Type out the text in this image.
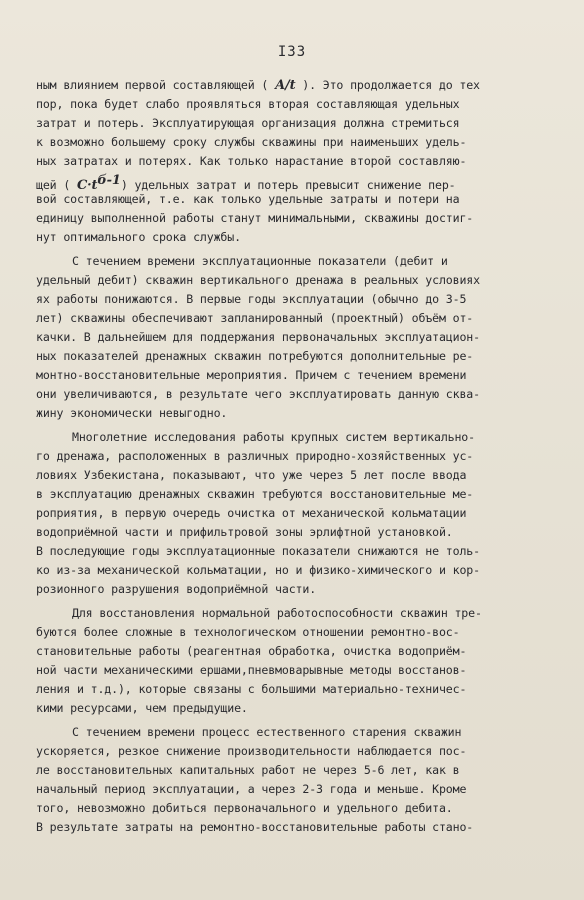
I33
ным влиянием первой составляющей ( A/t ). Это продолжается до тех
пор, пока будет слабо проявляться вторая составляющая удельных
затрат и потерь. Эксплуатирующая организация должна стремиться
к возможно большему сроку службы скважины при наименьших удель-
ных затратах и потерях. Как только нарастание второй составляю-
щей ( $C\cdot t^{б-1}$) удельных затрат и потерь превысит снижение пер-
вой составляющей, т.е. как только удельные затраты и потери на
единицу выполненной работы станут минимальными, скважины достиг-
нут оптимального срока службы.
С течением времени эксплуатационные показатели (дебит и
удельный дебит) скважин вертикального дренажа в реальных условиях
ях работы понижаются. В первые годы эксплуатации (обычно до 3-5
лет) скважины обеспечивают запланированный (проектный) объём от-
качки. В дальнейшем для поддержания первоначальных эксплуатацион-
ных показателей дренажных скважин потребуются дополнительные ре-
монтно-восстановительные мероприятия. Причем с течением времени
они увеличиваются, в результате чего эксплуатировать данную сква-
жину экономически невыгодно.
Многолетние исследования работы крупных систем вертикально-
го дренажа, расположенных в различных природно-хозяйственных ус-
ловиях Узбекистана, показывают, что уже через 5 лет после ввода
в эксплуатацию дренажных скважин требуются восстановительные ме-
роприятия, в первую очередь очистка от механической кольматации
водоприёмной части и прифильтровой зоны эрлифтной установкой.
В последующие годы эксплуатационные показатели снижаются не толь-
ко из-за механической кольматации, но и физико-химического и кор-
розионного разрушения водоприёмной части.
Для восстановления нормальной работоспособности скважин тре-
буются более сложные в технологическом отношении ремонтно-вос-
становительные работы (реагентная обработка, очистка водоприём-
ной части механическими ершами,пневмоварывные методы восстанов-
ления и т.д.), которые связаны с большими материально-техничес-
кими ресурсами, чем предыдущие.
С течением времени процесс естественного старения скважин
ускоряется, резкое снижение производительности наблюдается пос-
ле восстановительных капитальных работ не через 5-6 лет, как в
начальный период эксплуатации, а через 2-3 года и меньше. Кроме
того, невозможно добиться первоначального и удельного дебита.
В результате затраты на ремонтно-восстановительные работы стано-
